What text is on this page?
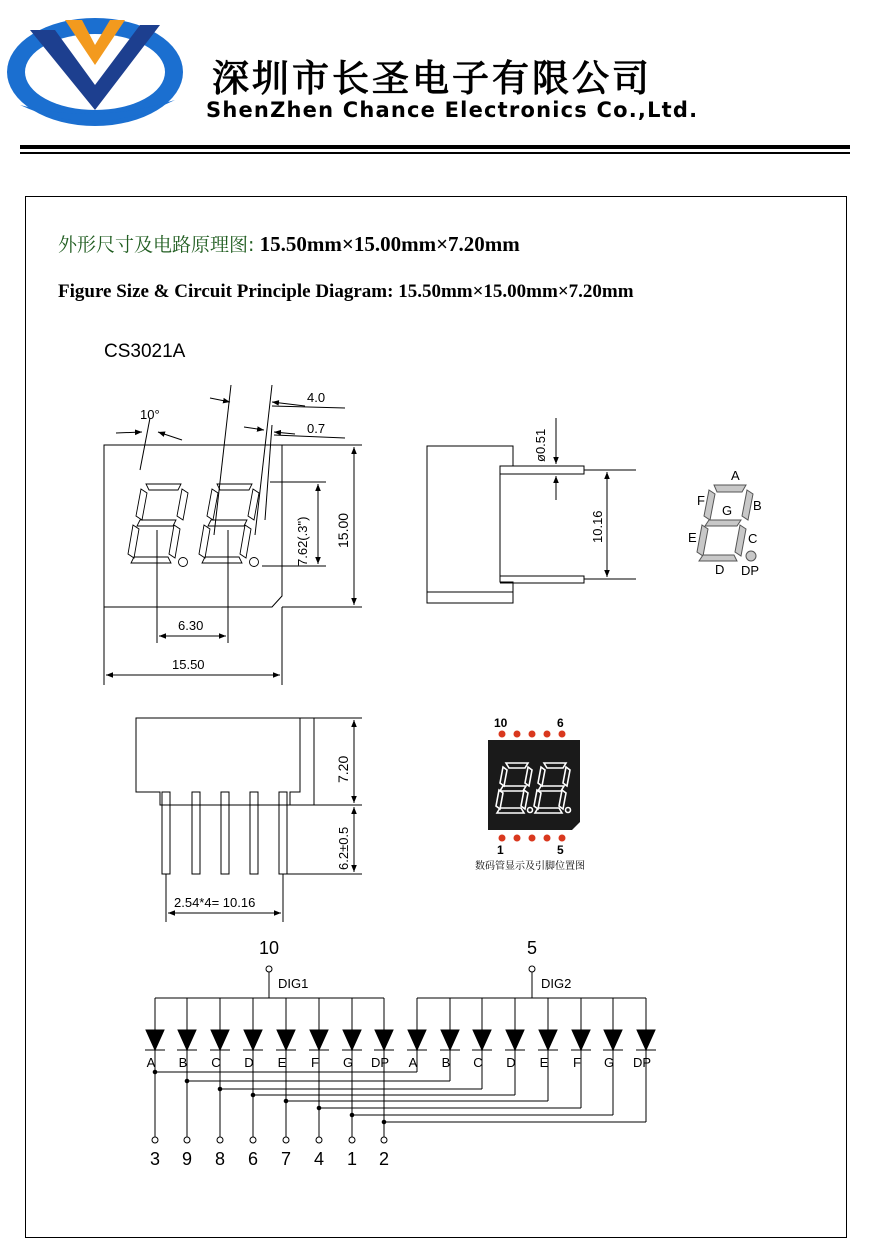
深圳市长圣电子有限公司
ShenZhen Chance Electronics Co.,Ltd.
外形尺寸及电路原理图: 15.50mm×15.00mm×7.20mm
Figure Size & Circuit Principle Diagram: 15.50mm×15.00mm×7.20mm
CS3021A
10°
4.0
0.7
7.62(.3") 15.00
6.30
15.50
ø0.51
10.16
A
B
C
D
E
F
G
DP
7.20
6.2±0.5
2.54*4= 10.16
10	6
1	5
数码管显示及引脚位置图
10
DIG1
A B C D E F G DP
5
DIG2
A B C D E F G DP
3 9 8 6 7 4 1 2
